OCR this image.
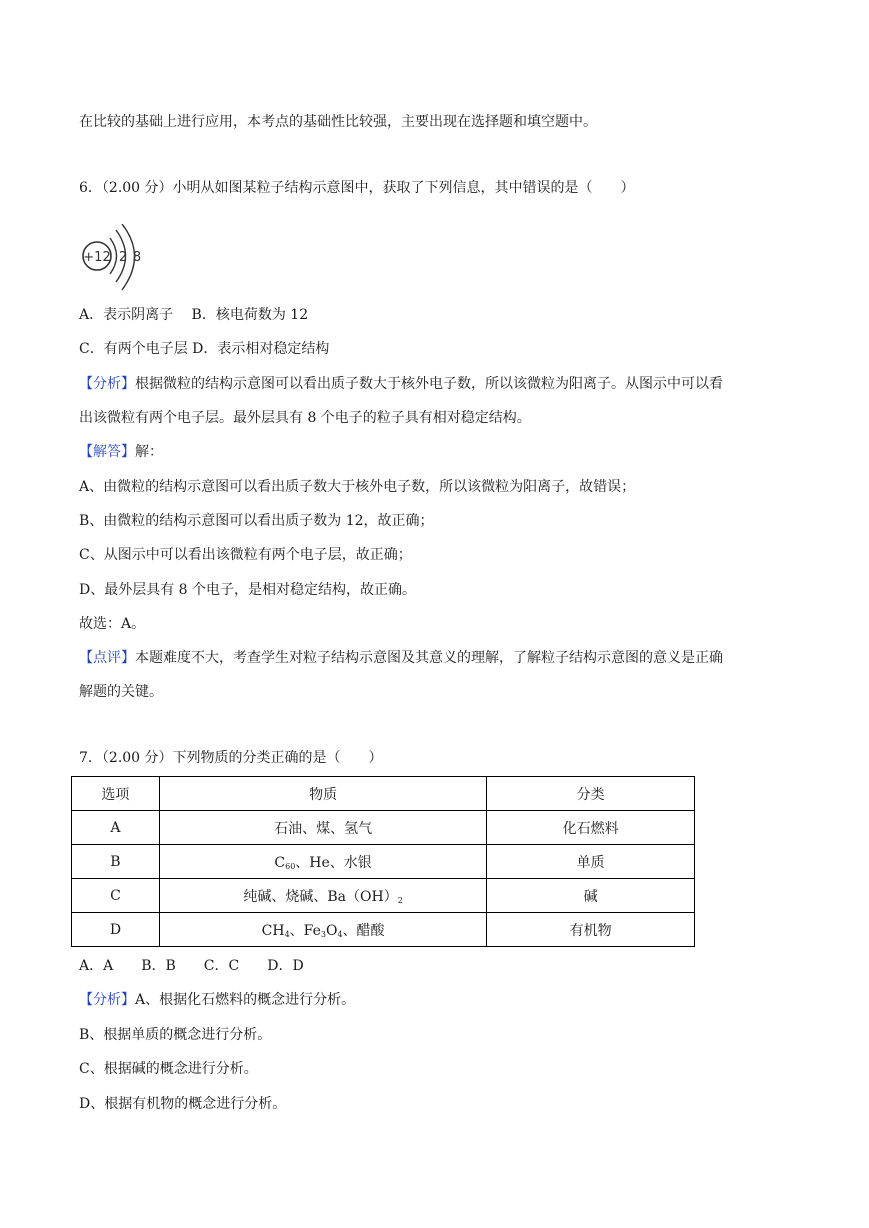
在比较的基础上进行应用，本考点的基础性比较强，主要出现在选择题和填空题中。
6．（2.00 分）小明从如图某粒子结构示意图中，获取了下列信息，其中错误的是（　　）
+12 2 8
A．表示阴离子　 B．核电荷数为 12
C．有两个电子层 D．表示相对稳定结构
【分析】根据微粒的结构示意图可以看出质子数大于核外电子数，所以该微粒为阳离子。从图示中可以看
出该微粒有两个电子层。最外层具有 8 个电子的粒子具有相对稳定结构。
【解答】解：
A、由微粒的结构示意图可以看出质子数大于核外电子数，所以该微粒为阳离子，故错误；
B、由微粒的结构示意图可以看出质子数为 12，故正确；
C、从图示中可以看出该微粒有两个电子层，故正确；
D、最外层具有 8 个电子，是相对稳定结构，故正确。
故选：A。
【点评】本题难度不大，考查学生对粒子结构示意图及其意义的理解，了解粒子结构示意图的意义是正确
解题的关键。
7．（2.00 分）下列物质的分类正确的是（　　）
选项	物质	分类
A	石油、煤、氢气	化石燃料
B	$C_{60}$、He、水银	单质
C	纯碱、烧碱、$Ba(OH)_2$	碱
D	$CH_4$、$Fe_3O_4$、醋酸	有机物
A．A　　B．B　　C．C　　D．D
【分析】A、根据化石燃料的概念进行分析。
B、根据单质的概念进行分析。
C、根据碱的概念进行分析。
D、根据有机物的概念进行分析。
